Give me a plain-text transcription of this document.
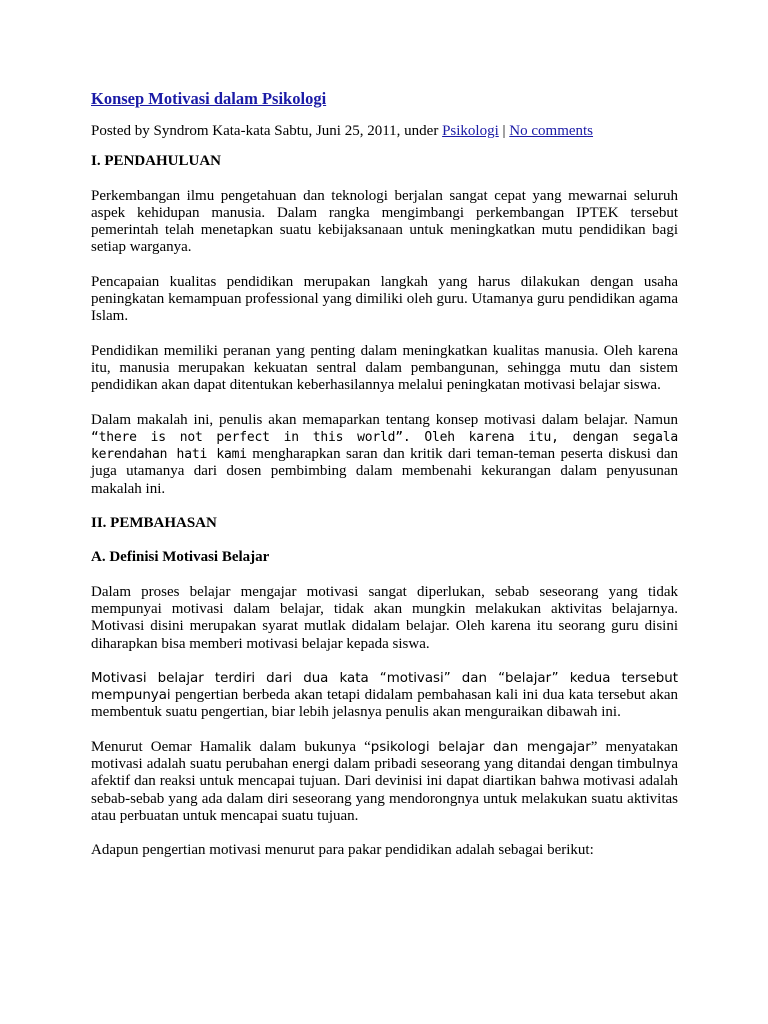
Konsep Motivasi dalam Psikologi
Posted by Syndrom Kata-kata Sabtu, Juni 25, 2011, under Psikologi | No comments
I. PENDAHULUAN

Perkembangan ilmu pengetahuan dan teknologi berjalan sangat cepat yang mewarnai seluruh aspek kehidupan manusia. Dalam rangka mengimbangi perkembangan IPTEK tersebut pemerintah telah menetapkan suatu kebijaksanaan untuk meningkatkan mutu pendidikan bagi setiap warganya.

Pencapaian kualitas pendidikan merupakan langkah yang harus dilakukan dengan usaha peningkatan kemampuan professional yang dimiliki oleh guru. Utamanya guru pendidikan agama Islam.

Pendidikan memiliki peranan yang penting dalam meningkatkan kualitas manusia. Oleh karena itu, manusia merupakan kekuatan sentral dalam pembangunan, sehingga mutu dan sistem pendidikan akan dapat ditentukan keberhasilannya melalui peningkatan motivasi belajar siswa.

Dalam makalah ini, penulis akan memaparkan tentang konsep motivasi dalam belajar. Namun “there is not perfect in this world”. Oleh karena itu, dengan segala kerendahan hati kami mengharapkan saran dan kritik dari teman-teman peserta diskusi dan juga utamanya dari dosen pembimbing dalam membenahi kekurangan dalam penyusunan makalah ini.

II. PEMBAHASAN
A. Definisi Motivasi Belajar

Dalam proses belajar mengajar motivasi sangat diperlukan, sebab seseorang yang tidak mempunyai motivasi dalam belajar, tidak akan mungkin melakukan aktivitas belajarnya. Motivasi disini merupakan syarat mutlak didalam belajar. Oleh karena itu seorang guru disini diharapkan bisa memberi motivasi belajar kepada siswa.

Motivasi belajar terdiri dari dua kata “motivasi” dan “belajar” kedua tersebut mempunyai pengertian berbeda akan tetapi didalam pembahasan kali ini dua kata tersebut akan membentuk suatu pengertian, biar lebih jelasnya penulis akan menguraikan dibawah ini.

Menurut Oemar Hamalik dalam bukunya “psikologi belajar dan mengajar” menyatakan motivasi adalah suatu perubahan energi dalam pribadi seseorang yang ditandai dengan timbulnya afektif dan reaksi untuk mencapai tujuan. Dari devinisi ini dapat diartikan bahwa motivasi adalah sebab-sebab yang ada dalam diri seseorang yang mendorongnya untuk melakukan suatu aktivitas atau perbuatan untuk mencapai suatu tujuan.

Adapun pengertian motivasi menurut para pakar pendidikan adalah sebagai berikut:
